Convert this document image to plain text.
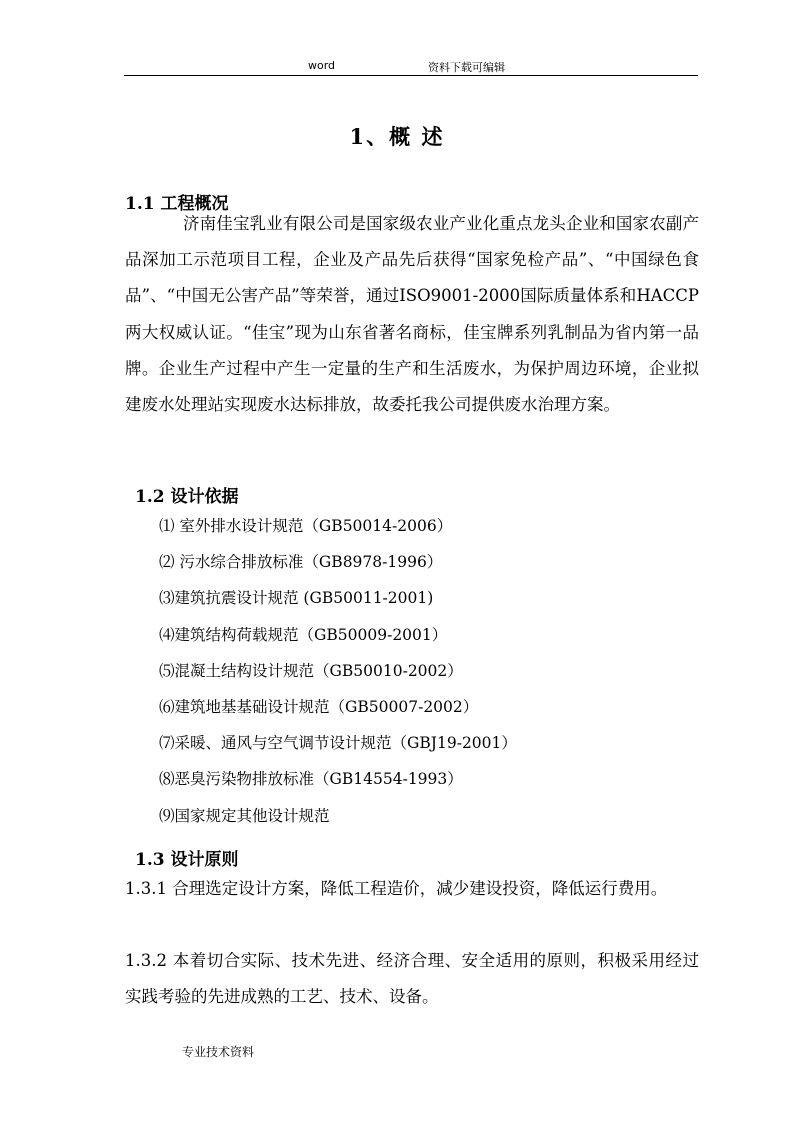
word	资料下载可编辑
1、概 述
1.1 工程概况

济南佳宝乳业有限公司是国家级农业产业化重点龙头企业和国家农副产品深加工示范项目工程，企业及产品先后获得“国家免检产品”、“中国绿色食品”、“中国无公害产品”等荣誉，通过ISO9001-2000国际质量体系和HACCP两大权威认证。“佳宝”现为山东省著名商标，佳宝牌系列乳制品为省内第一品牌。企业生产过程中产生一定量的生产和生活废水，为保护周边环境，企业拟建废水处理站实现废水达标排放，故委托我公司提供废水治理方案。

1.2 设计依据
⑴ 室外排水设计规范（GB50014-2006）
⑵ 污水综合排放标准（GB8978-1996）
⑶建筑抗震设计规范 (GB50011-2001)
⑷建筑结构荷载规范（GB50009-2001）
⑸混凝土结构设计规范（GB50010-2002）
⑹建筑地基基础设计规范（GB50007-2002）
⑺采暖、通风与空气调节设计规范（GBJ19-2001）
⑻恶臭污染物排放标准（GB14554-1993）
⑼国家规定其他设计规范
1.3 设计原则

1.3.1 合理选定设计方案，降低工程造价，减少建设投资，降低运行费用。

1.3.2 本着切合实际、技术先进、经济合理、安全适用的原则，积极采用经过实践考验的先进成熟的工艺、技术、设备。

专业技术资料
